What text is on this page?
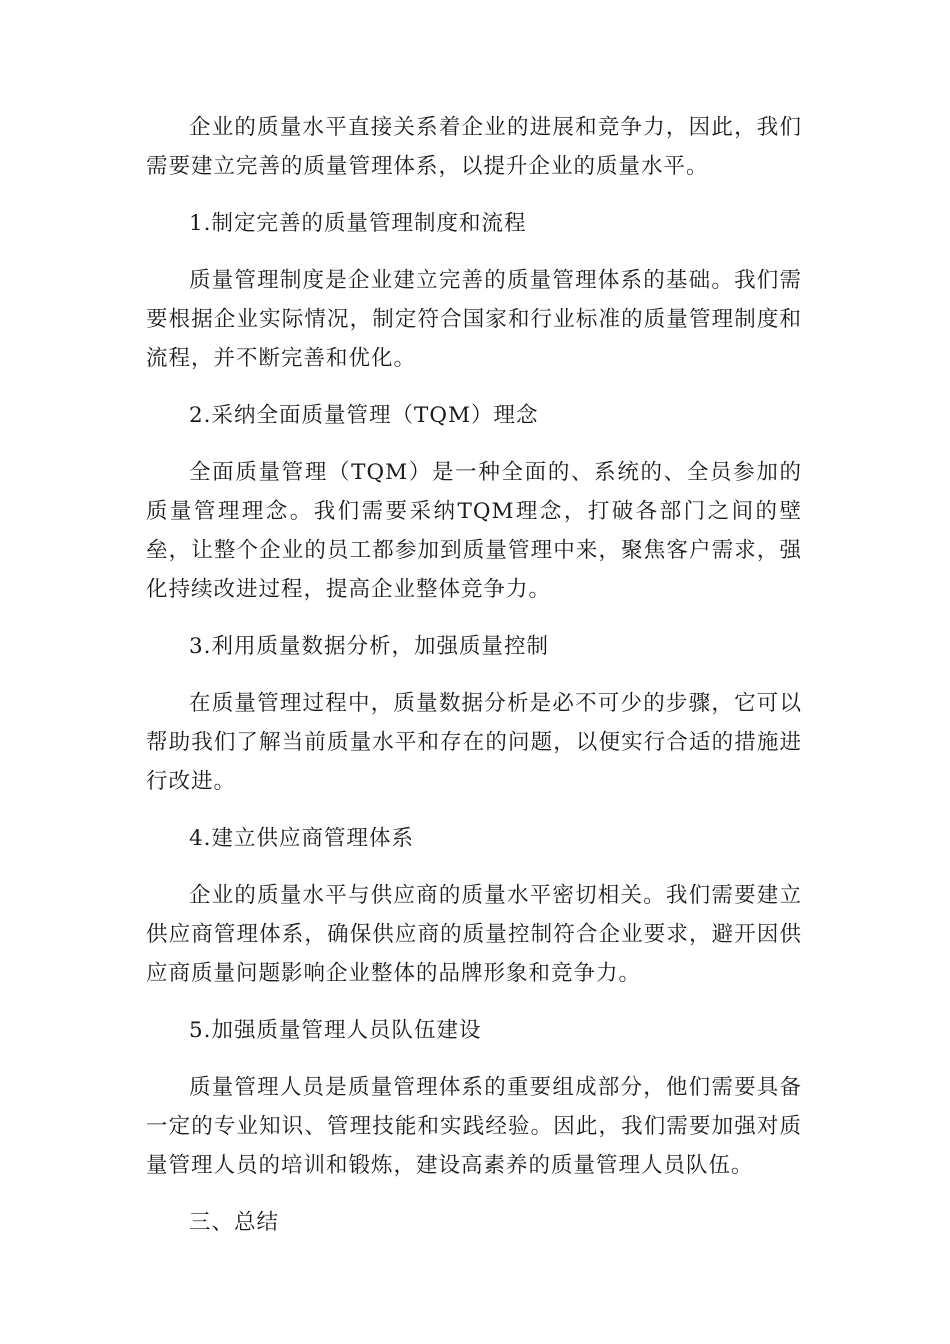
企业的质量水平直接关系着企业的进展和竞争力，因此，我们需要建立完善的质量管理体系，以提升企业的质量水平。

1.制定完善的质量管理制度和流程

质量管理制度是企业建立完善的质量管理体系的基础。我们需要根据企业实际情况，制定符合国家和行业标准的质量管理制度和流程，并不断完善和优化。

2.采纳全面质量管理（TQM）理念

全面质量管理（TQM）是一种全面的、系统的、全员参加的质量管理理念。我们需要采纳TQM理念，打破各部门之间的壁垒，让整个企业的员工都参加到质量管理中来，聚焦客户需求，强化持续改进过程，提高企业整体竞争力。

3.利用质量数据分析，加强质量控制

在质量管理过程中，质量数据分析是必不可少的步骤，它可以帮助我们了解当前质量水平和存在的问题，以便实行合适的措施进行改进。

4.建立供应商管理体系

企业的质量水平与供应商的质量水平密切相关。我们需要建立供应商管理体系，确保供应商的质量控制符合企业要求，避开因供应商质量问题影响企业整体的品牌形象和竞争力。

5.加强质量管理人员队伍建设

质量管理人员是质量管理体系的重要组成部分，他们需要具备一定的专业知识、管理技能和实践经验。因此，我们需要加强对质量管理人员的培训和锻炼，建设高素养的质量管理人员队伍。

三、总结
